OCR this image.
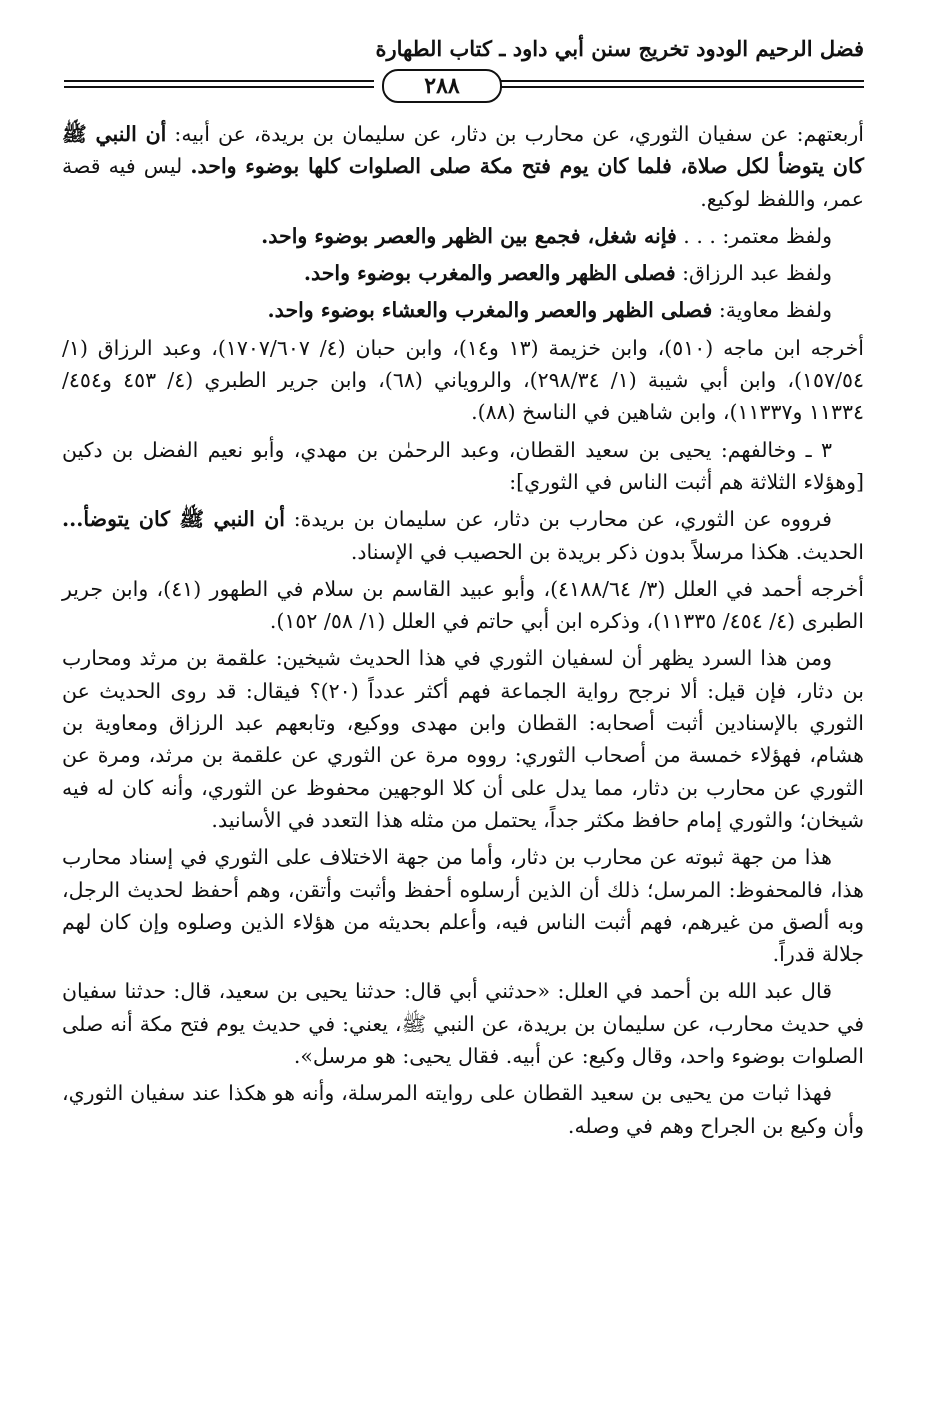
فضل الرحيم الودود تخريج سنن أبي داود ـ كتاب الطهارة
٢٨٨

أربعتهم: عن سفيان الثوري، عن محارب بن دثار، عن سليمان بن بريدة، عن أبيه: أن النبي ﷺ كان يتوضأ لكل صلاة، فلما كان يوم فتح مكة صلى الصلوات كلها بوضوء واحد. ليس فيه قصة عمر، واللفظ لوكيع.

ولفظ معتمر: . . . فإنه شغل، فجمع بين الظهر والعصر بوضوء واحد.

ولفظ عبد الرزاق: فصلى الظهر والعصر والمغرب بوضوء واحد.

ولفظ معاوية: فصلى الظهر والعصر والمغرب والعشاء بوضوء واحد.

أخرجه ابن ماجه (٥١٠)، وابن خزيمة (١٣ و١٤)، وابن حبان (٤/ ١٧٠٧/٦٠٧)، وعبد الرزاق (١/ ١٥٧/٥٤)، وابن أبي شيبة (١/ ٢٩٨/٣٤)، والروياني (٦٨)، وابن جرير الطبري (٤/ ٤٥٣ و٤٥٤/ ١١٣٣٤ و١١٣٣٧)، وابن شاهين في الناسخ (٨٨).

٣ ـ وخالفهم: يحيى بن سعيد القطان، وعبد الرحمٰن بن مهدي، وأبو نعيم الفضل بن دكين [وهؤلاء الثلاثة هم أثبت الناس في الثوري]:

فرووه عن الثوري، عن محارب بن دثار، عن سليمان بن بريدة: أن النبي ﷺ كان يتوضأ... الحديث. هكذا مرسلاً بدون ذكر بريدة بن الحصيب في الإسناد.

أخرجه أحمد في العلل (٣/ ٤١٨٨/٦٤)، وأبو عبيد القاسم بن سلام في الطهور (٤١)، وابن جرير الطبرى (٤/ ٤٥٤/ ١١٣٣٥)، وذكره ابن أبي حاتم في العلل (١/ ٥٨/ ١٥٢).

ومن هذا السرد يظهر أن لسفيان الثوري في هذا الحديث شيخين: علقمة بن مرثد ومحارب بن دثار، فإن قيل: ألا نرجح رواية الجماعة فهم أكثر عدداً (٢٠)؟ فيقال: قد روى الحديث عن الثوري بالإسنادين أثبت أصحابه: القطان وابن مهدى ووكيع، وتابعهم عبد الرزاق ومعاوية بن هشام، فهؤلاء خمسة من أصحاب الثوري: رووه مرة عن الثوري عن علقمة بن مرثد، ومرة عن الثوري عن محارب بن دثار، مما يدل على أن كلا الوجهين محفوظ عن الثوري، وأنه كان له فيه شيخان؛ والثوري إمام حافظ مكثر جداً، يحتمل من مثله هذا التعدد في الأسانيد.

هذا من جهة ثبوته عن محارب بن دثار، وأما من جهة الاختلاف على الثوري في إسناد محارب هذا، فالمحفوظ: المرسل؛ ذلك أن الذين أرسلوه أحفظ وأثبت وأتقن، وهم أحفظ لحديث الرجل، وبه ألصق من غيرهم، فهم أثبت الناس فيه، وأعلم بحديثه من هؤلاء الذين وصلوه وإن كان لهم جلالة قدراً.

قال عبد الله بن أحمد في العلل: «حدثني أبي قال: حدثنا يحيى بن سعيد، قال: حدثنا سفيان في حديث محارب، عن سليمان بن بريدة، عن النبي ﷺ، يعني: في حديث يوم فتح مكة أنه صلى الصلوات بوضوء واحد، وقال وكيع: عن أبيه. فقال يحيى: هو مرسل».

فهذا ثبات من يحيى بن سعيد القطان على روايته المرسلة، وأنه هو هكذا عند سفيان الثوري، وأن وكيع بن الجراح وهم في وصله.
